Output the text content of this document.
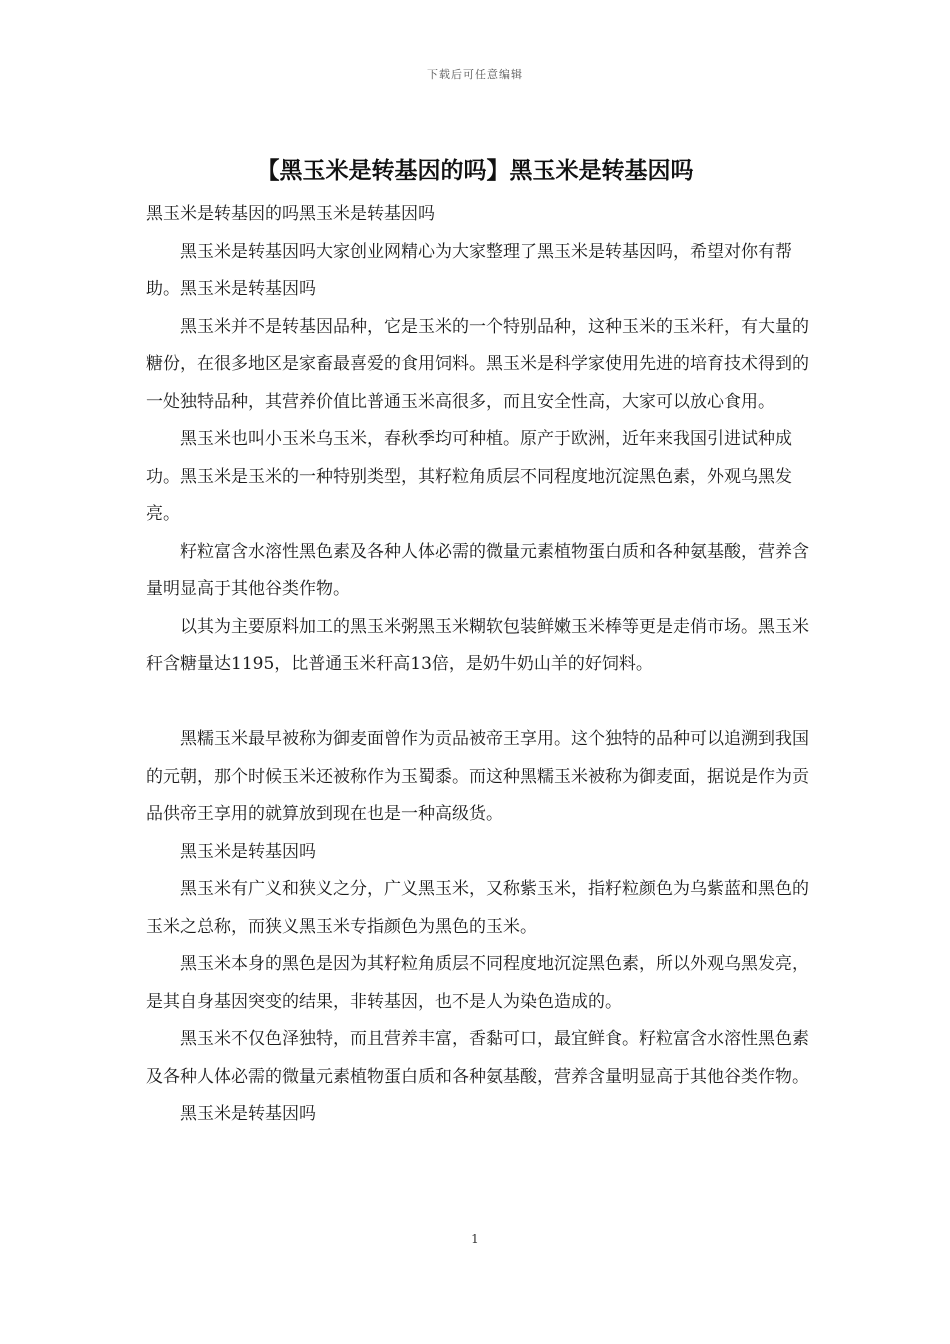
下载后可任意编辑
【黑玉米是转基因的吗】黑玉米是转基因吗

黑玉米是转基因的吗黑玉米是转基因吗

黑玉米是转基因吗大家创业网精心为大家整理了黑玉米是转基因吗，希望对你有帮助。黑玉米是转基因吗

黑玉米并不是转基因品种，它是玉米的一个特别品种，这种玉米的玉米秆，有大量的糖份，在很多地区是家畜最喜爱的食用饲料。黑玉米是科学家使用先进的培育技术得到的一处独特品种，其营养价值比普通玉米高很多，而且安全性高，大家可以放心食用。

黑玉米也叫小玉米乌玉米，春秋季均可种植。原产于欧洲，近年来我国引进试种成功。黑玉米是玉米的一种特别类型，其籽粒角质层不同程度地沉淀黑色素，外观乌黑发亮。

籽粒富含水溶性黑色素及各种人体必需的微量元素植物蛋白质和各种氨基酸，营养含量明显高于其他谷类作物。

以其为主要原料加工的黑玉米粥黑玉米糊软包装鲜嫩玉米棒等更是走俏市场。黑玉米秆含糖量达1195，比普通玉米秆高13倍，是奶牛奶山羊的好饲料。

黑糯玉米最早被称为御麦面曾作为贡品被帝王享用。这个独特的品种可以追溯到我国的元朝，那个时候玉米还被称作为玉蜀黍。而这种黑糯玉米被称为御麦面，据说是作为贡品供帝王享用的就算放到现在也是一种高级货。

黑玉米是转基因吗

黑玉米有广义和狭义之分，广义黑玉米，又称紫玉米，指籽粒颜色为乌紫蓝和黑色的玉米之总称，而狭义黑玉米专指颜色为黑色的玉米。

黑玉米本身的黑色是因为其籽粒角质层不同程度地沉淀黑色素，所以外观乌黑发亮，是其自身基因突变的结果，非转基因，也不是人为染色造成的。

黑玉米不仅色泽独特，而且营养丰富，香黏可口，最宜鲜食。籽粒富含水溶性黑色素及各种人体必需的微量元素植物蛋白质和各种氨基酸，营养含量明显高于其他谷类作物。

黑玉米是转基因吗

1
